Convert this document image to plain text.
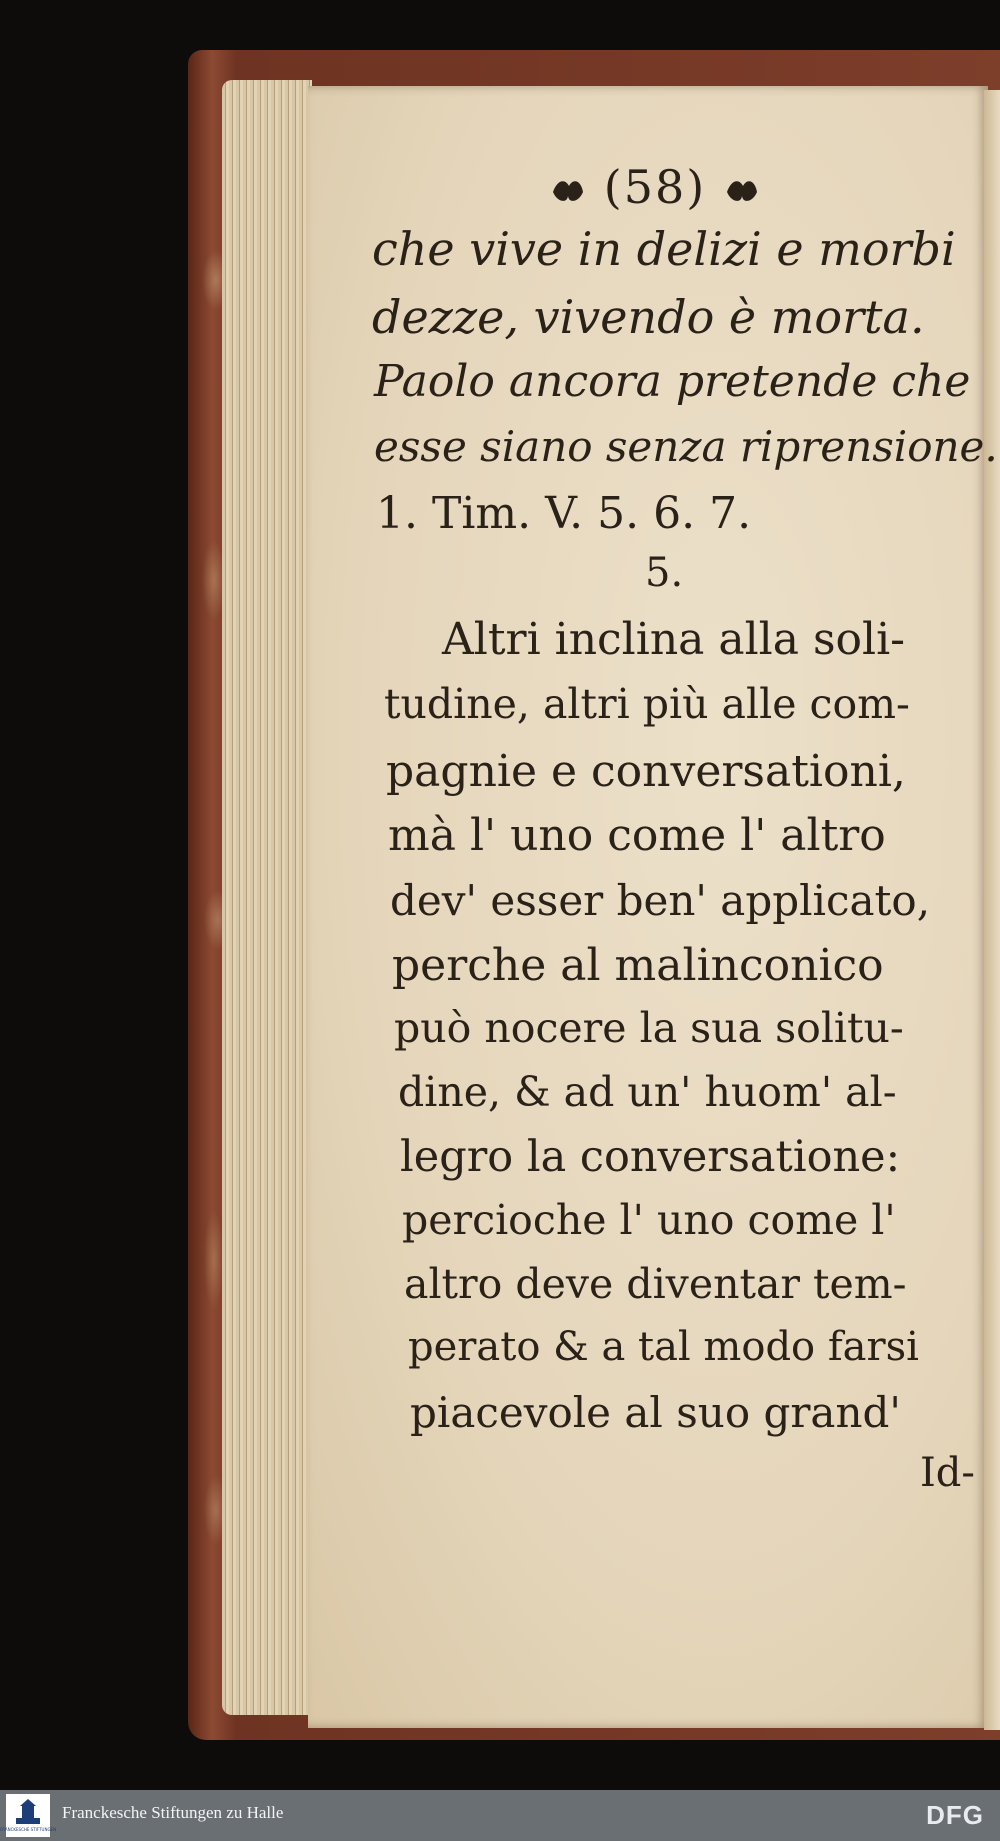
(58)
che vive in delizi e morbi
dezze, vivendo è morta.
Paolo ancora pretende che
esse siano senza riprensione.
1. Tim. V. 5. 6. 7.
5.
Altri inclina alla soli-
tudine, altri più alle com-
pagnie e conversationi,
mà l' uno come l' altro
dev' esser ben' applicato,
perche al malinconico
può nocere la sua solitu-
dine, & ad un' huom' al-
legro la conversatione:
percioche l' uno come l'
altro deve diventar tem-
perato & a tal modo farsi
piacevole al suo grand'
Id-
FRANCKESCHE STIFTUNGEN
Franckesche Stiftungen zu Halle	DFG
